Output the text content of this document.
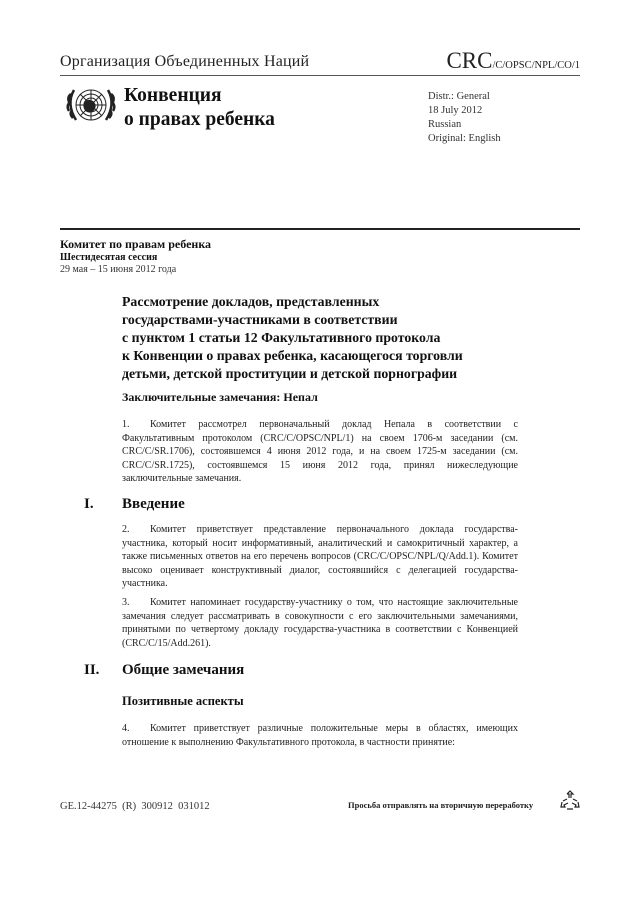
Организация Объединенных Наций	CRC/C/OPSC/NPL/CO/1
Конвенция
о правах ребенка
Distr.: General
18 July 2012
Russian
Original: English
Комитет по правам ребенка
Шестидесятая сессия
29 мая – 15 июня 2012 года
Рассмотрение докладов, представленных
государствами-участниками в соответствии
с пунктом 1 статьи 12 Факультативного протокола
к Конвенции о правах ребенка, касающегося торговли
детьми, детской проституции и детской порнографии
Заключительные замечания: Непал
1. Комитет рассмотрел первоначальный доклад Непала в соответствии с Факультативным протоколом (CRC/C/OPSC/NPL/1) на своем 1706-м заседании (см. CRC/C/SR.1706), состоявшемся 4 июня 2012 года, и на своем 1725-м заседании (см. CRC/C/SR.1725), состоявшемся 15 июня 2012 года, принял нижеследующие заключительные замечания.
I. Введение
2. Комитет приветствует представление первоначального доклада государства-участника, который носит информативный, аналитический и самокритичный характер, а также письменных ответов на его перечень вопросов (CRC/C/OPSC/NPL/Q/Add.1). Комитет высоко оценивает конструктивный диалог, состоявшийся с делегацией государства-участника.
3. Комитет напоминает государству-участнику о том, что настоящие заключительные замечания следует рассматривать в совокупности с его заключительными замечаниями, принятыми по четвертому докладу государства-участника в соответствии с Конвенцией (CRC/C/15/Add.261).
II. Общие замечания
Позитивные аспекты
4. Комитет приветствует различные положительные меры в областях, имеющих отношение к выполнению Факультативного протокола, в частности принятие:
GE.12-44275  (R)  300912  031012	Просьба отправлять на вторичную переработку
